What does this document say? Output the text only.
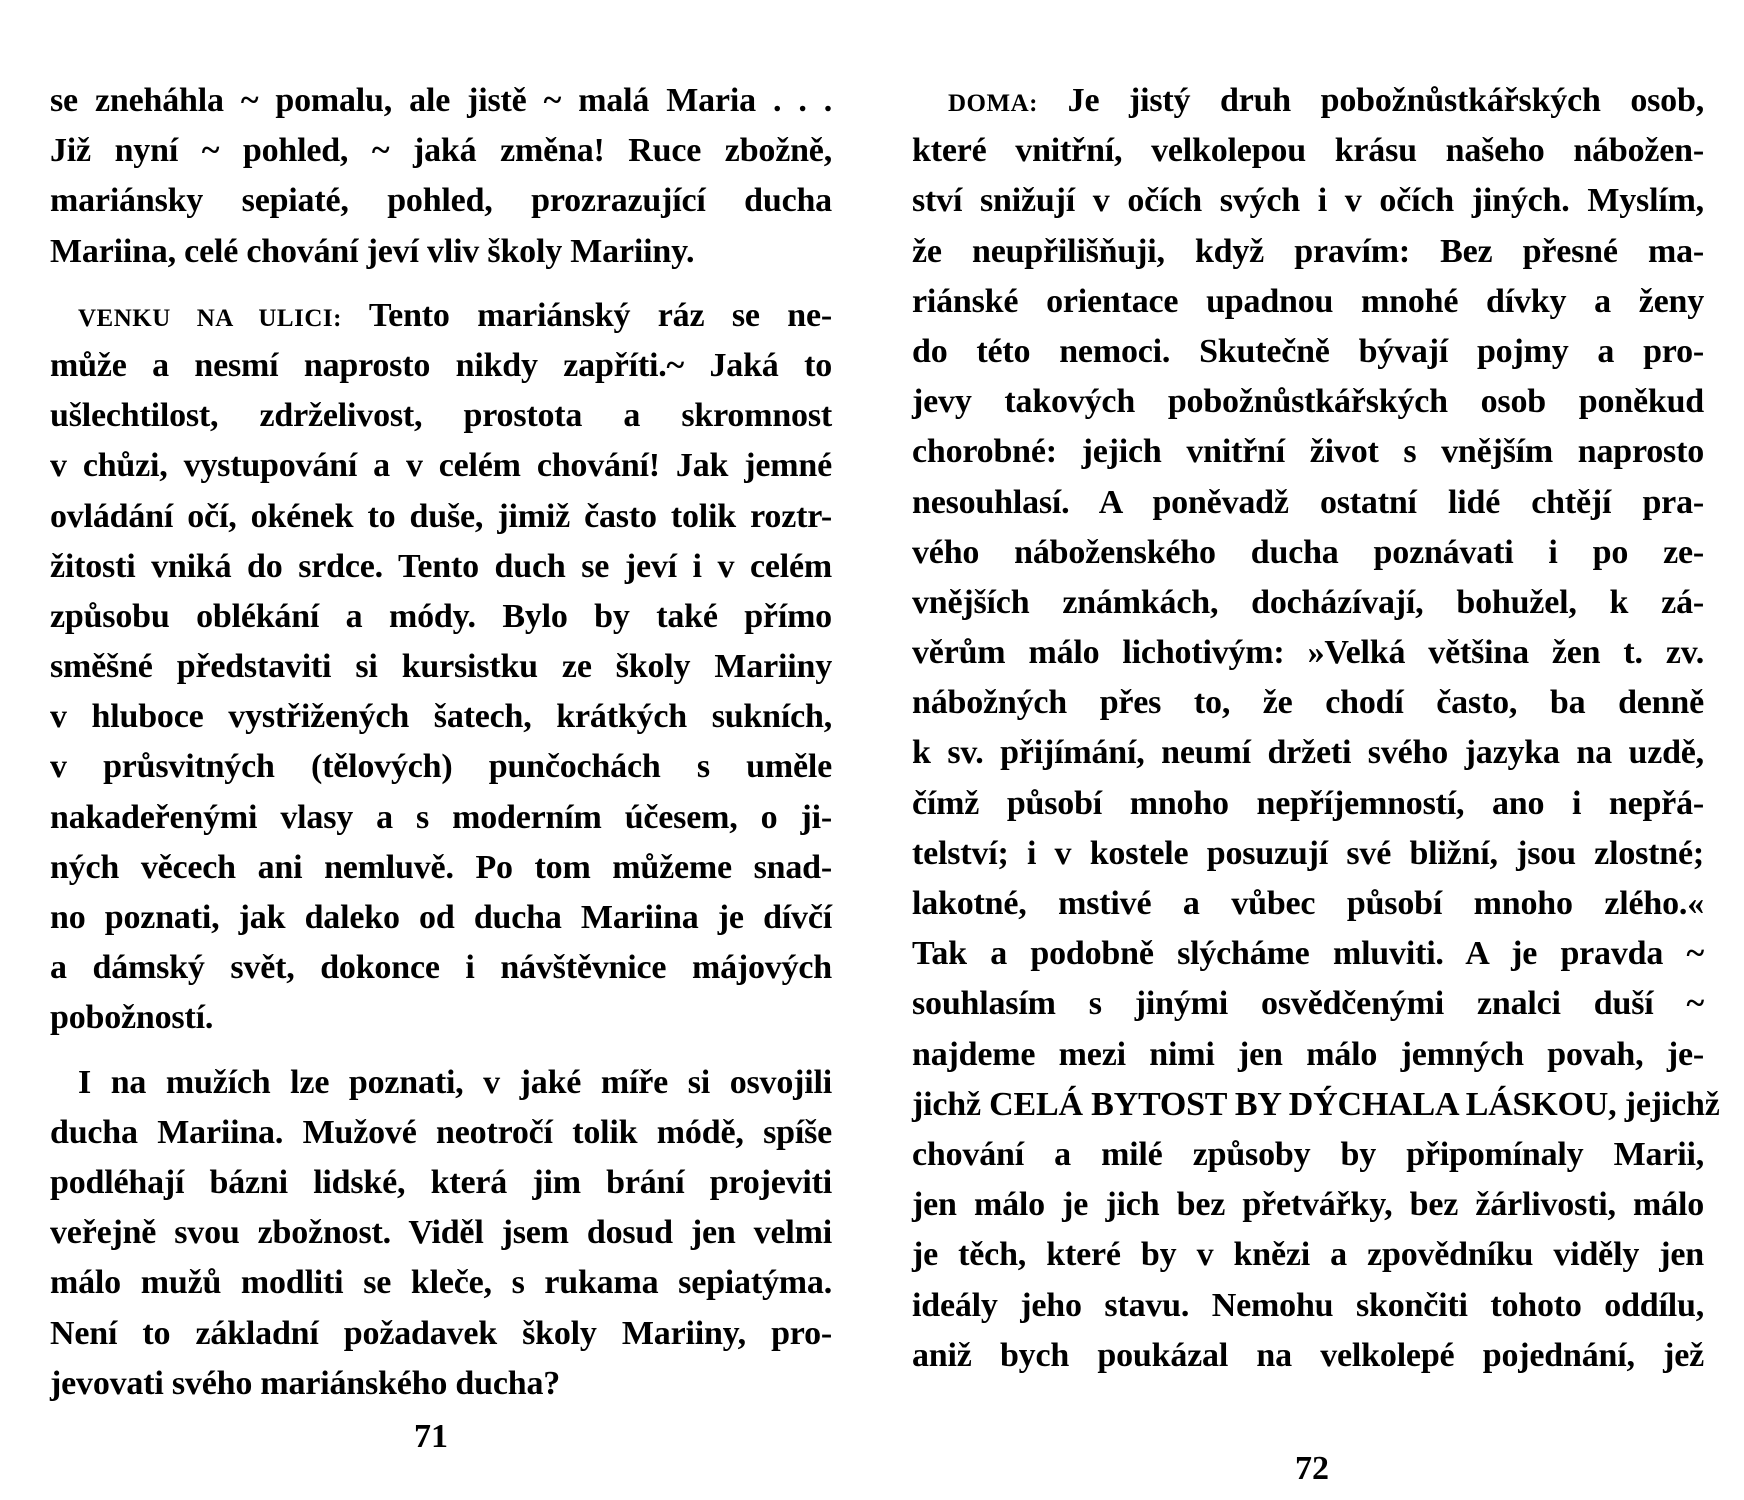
se zneháhla ~ pomalu, ale jistě ~ malá Maria . . .
Již nyní ~ pohled, ~ jaká změna! Ruce zbožně,
mariánsky sepiaté, pohled, prozrazující ducha
Mariina, celé chování jeví vliv školy Mariiny.
VENKU NA ULICI: Tento mariánský ráz se ne-
může a nesmí naprosto nikdy zapříti.~ Jaká to
ušlechtilost, zdrželivost, prostota a skromnost
v chůzi, vystupování a v celém chování! Jak jemné
ovládání očí, okének to duše, jimiž často tolik roztr-
žitosti vniká do srdce. Tento duch se jeví i v celém
způsobu oblékání a módy. Bylo by také přímo
směšné představiti si kursistku ze školy Mariiny
v hluboce vystřižených šatech, krátkých sukních,
v průsvitných (tělových) punčochách s uměle
nakadeřenými vlasy a s moderním účesem, o ji-
ných věcech ani nemluvě. Po tom můžeme snad-
no poznati, jak daleko od ducha Mariina je dívčí
a dámský svět, dokonce i návštěvnice májových
pobožností.
I na mužích lze poznati, v jaké míře si osvojili
ducha Mariina. Mužové neotročí tolik módě, spíše
podléhají bázni lidské, která jim brání projeviti
veřejně svou zbožnost. Viděl jsem dosud jen velmi
málo mužů modliti se kleče, s rukama sepiatýma.
Není to základní požadavek školy Mariiny, pro-
jevovati svého mariánského ducha?
71
DOMA: Je jistý druh pobožnůstkářských osob,
které vnitřní, velkolepou krásu našeho nábožen-
ství snižují v očích svých i v očích jiných. Myslím,
že neupřilišňuji, když pravím: Bez přesné ma-
riánské orientace upadnou mnohé dívky a ženy
do této nemoci. Skutečně bývají pojmy a pro-
jevy takových pobožnůstkářských osob poněkud
chorobné: jejich vnitřní život s vnějším naprosto
nesouhlasí. A poněvadž ostatní lidé chtějí pra-
vého náboženského ducha poznávati i po ze-
vnějších známkách, docházívají, bohužel, k zá-
věrům málo lichotivým: »Velká většina žen t. zv.
nábožných přes to, že chodí často, ba denně
k sv. přijímání, neumí držeti svého jazyka na uzdě,
čímž působí mnoho nepříjemností, ano i nepřá-
telství; i v kostele posuzují své bližní, jsou zlostné;
lakotné, mstivé a vůbec působí mnoho zlého.«
Tak a podobně slýcháme mluviti. A je pravda ~
souhlasím s jinými osvědčenými znalci duší ~
najdeme mezi nimi jen málo jemných povah, je-
jichž CELÁ BYTOST BY DÝCHALA LÁSKOU, jejichž
chování a milé způsoby by připomínaly Marii,
jen málo je jich bez přetvářky, bez žárlivosti, málo
je těch, které by v knězi a zpovědníku viděly jen
ideály jeho stavu. Nemohu skončiti tohoto oddílu,
aniž bych poukázal na velkolepé pojednání, jež
72
